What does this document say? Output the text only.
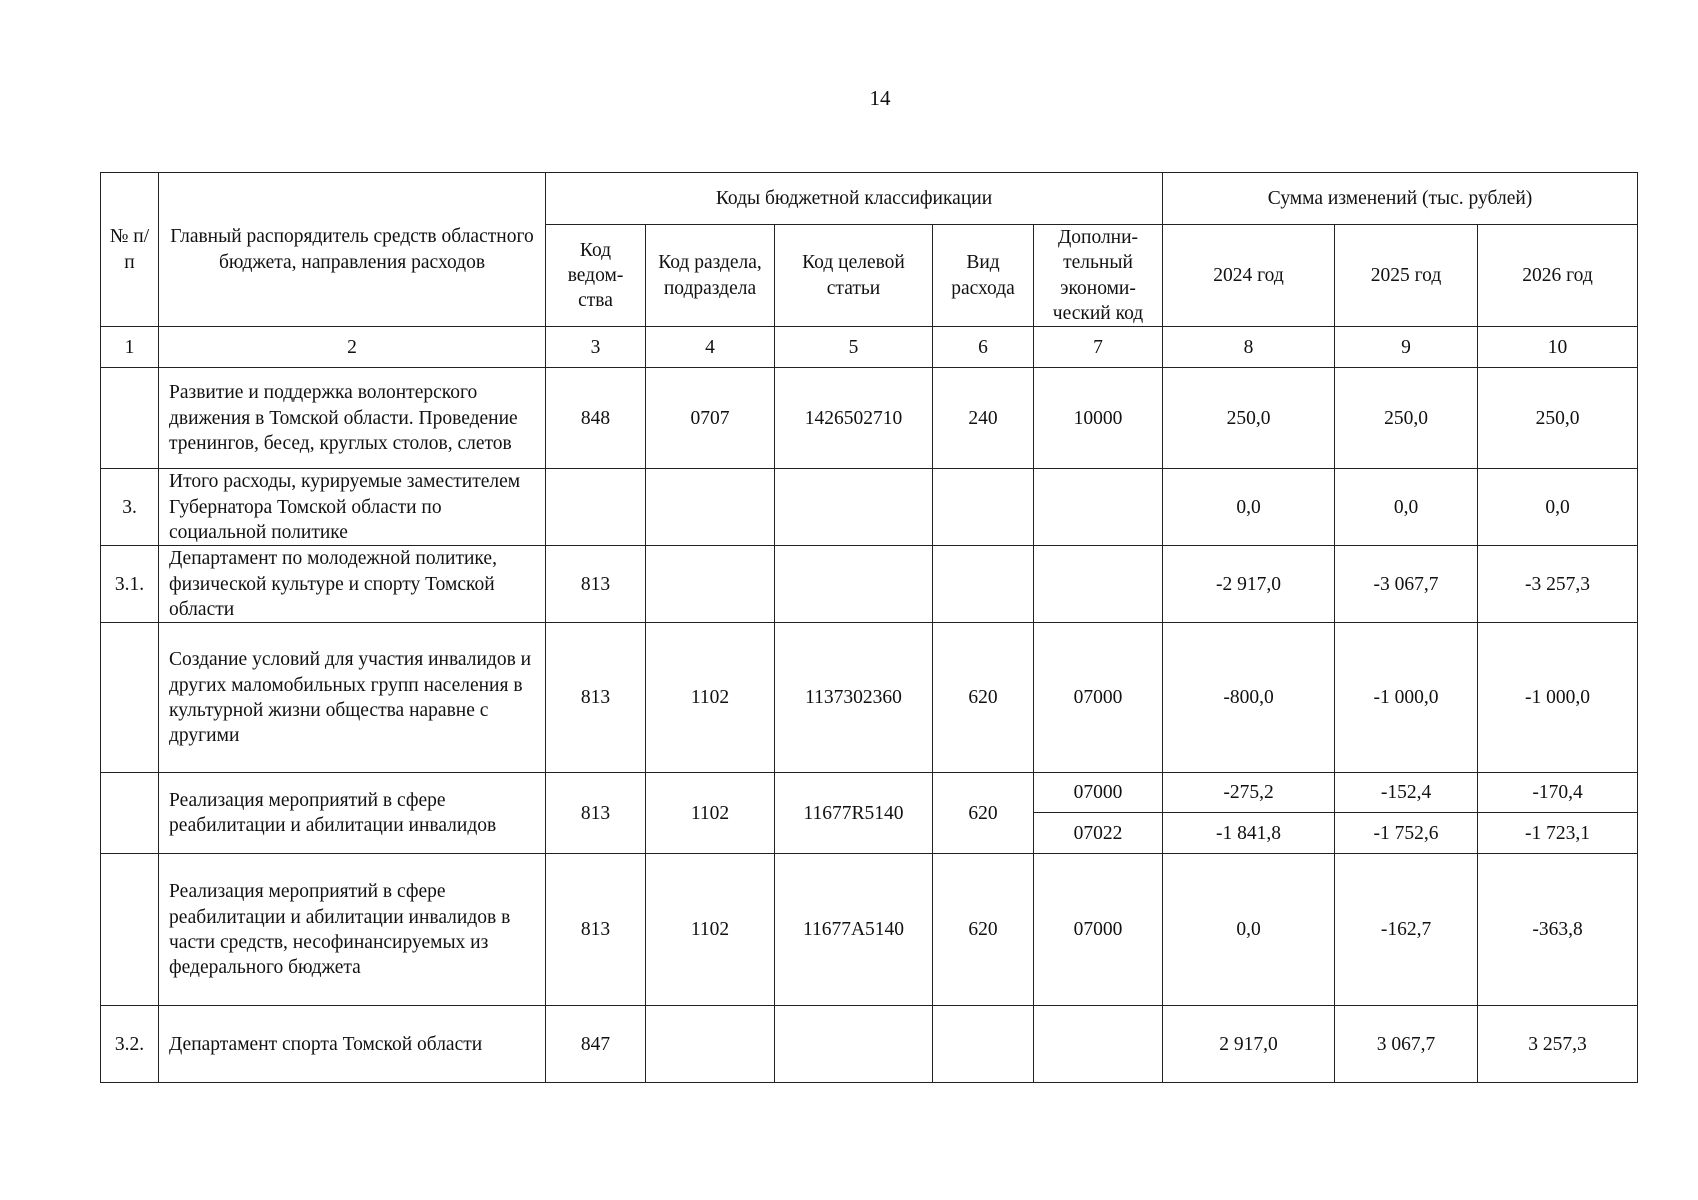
14
№ п/п	Главный распорядитель средств областного бюджета, направления расходов	Коды бюджетной классификации					Сумма изменений (тыс. рублей)		
		Код ведом-ства	Код раздела, подраздела	Код целевой статьи	Вид расхода	Дополни-тельный экономи-ческий код	2024 год	2025 год	2026 год
1	2	3	4	5	6	7	8	9	10
	Развитие и поддержка волонтерского движения в Томской области. Проведение тренингов, бесед, круглых столов, слетов	848	0707	1426502710	240	10000	250,0	250,0	250,0
3.	Итого расходы, курируемые заместителем Губернатора Томской области по социальной политике						0,0	0,0	0,0
3.1.	Департамент по молодежной политике, физической культуре и спорту Томской области	813					-2 917,0	-3 067,7	-3 257,3
	Создание условий для участия инвалидов и других маломобильных групп населения в культурной жизни общества наравне с другими	813	1102	1137302360	620	07000	-800,0	-1 000,0	-1 000,0
	Реализация мероприятий в сфере реабилитации и абилитации инвалидов	813	1102	11677R5140	620	07000	-275,2	-152,4	-170,4
						07022	-1 841,8	-1 752,6	-1 723,1
	Реализация мероприятий в сфере реабилитации и абилитации инвалидов в части средств, несофинансируемых из федерального бюджета	813	1102	11677A5140	620	07000	0,0	-162,7	-363,8
3.2.	Департамент спорта Томской области	847					2 917,0	3 067,7	3 257,3
